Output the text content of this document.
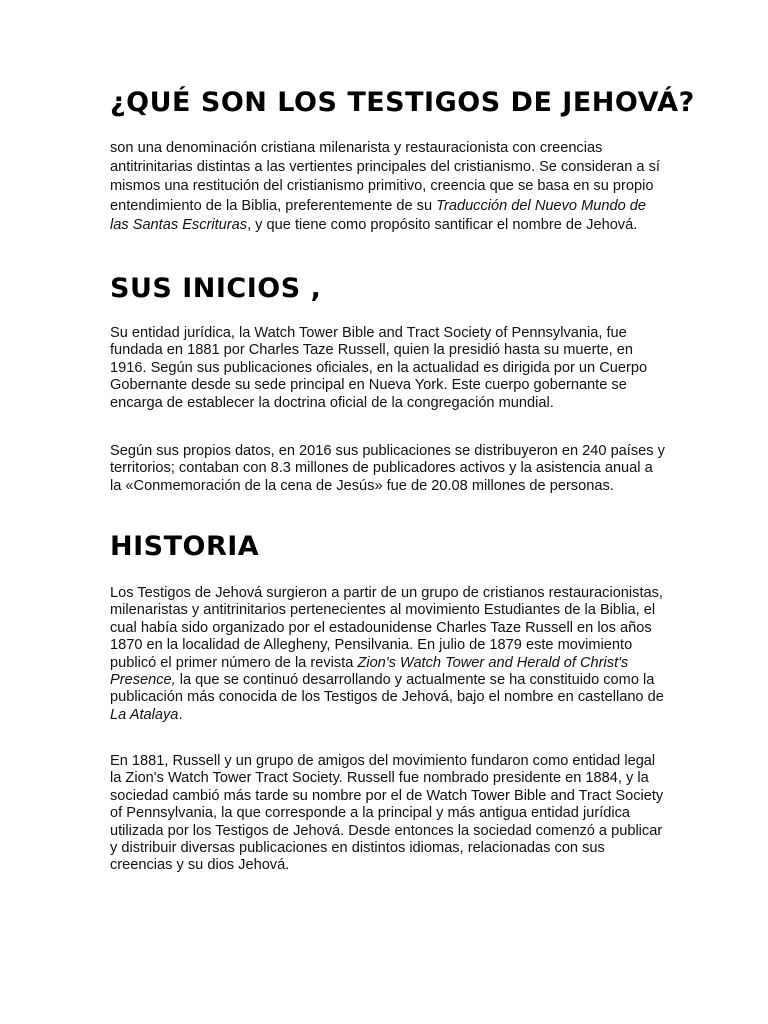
¿QUÉ SON LOS TESTIGOS DE JEHOVÁ?

son una denominación cristiana milenarista y restauracionista con creencias antitrinitarias distintas a las vertientes principales del cristianismo. Se consideran a sí mismos una restitución del cristianismo primitivo, creencia que se basa en su propio entendimiento de la Biblia, preferentemente de su Traducción del Nuevo Mundo de las Santas Escrituras, y que tiene como propósito santificar el nombre de Jehová.

SUS INICIOS ,

Su entidad jurídica, la Watch Tower Bible and Tract Society of Pennsylvania, fue fundada en 1881 por Charles Taze Russell, quien la presidió hasta su muerte, en 1916. Según sus publicaciones oficiales, en la actualidad es dirigida por un Cuerpo Gobernante desde su sede principal en Nueva York. Este cuerpo gobernante se encarga de establecer la doctrina oficial de la congregación mundial.

Según sus propios datos, en 2016 sus publicaciones se distribuyeron en 240 países y territorios; contaban con 8.3 millones de publicadores activos y la asistencia anual a la «Conmemoración de la cena de Jesús» fue de 20.08 millones de personas.

HISTORIA

Los Testigos de Jehová surgieron a partir de un grupo de cristianos restauracionistas, milenaristas y antitrinitarios pertenecientes al movimiento Estudiantes de la Biblia, el cual había sido organizado por el estadounidense Charles Taze Russell en los años 1870 en la localidad de Allegheny, Pensilvania. En julio de 1879 este movimiento publicó el primer número de la revista Zion's Watch Tower and Herald of Christ's Presence, la que se continuó desarrollando y actualmente se ha constituido como la publicación más conocida de los Testigos de Jehová, bajo el nombre en castellano de La Atalaya.

En 1881, Russell y un grupo de amigos del movimiento fundaron como entidad legal la Zion's Watch Tower Tract Society. Russell fue nombrado presidente en 1884, y la sociedad cambió más tarde su nombre por el de Watch Tower Bible and Tract Society of Pennsylvania, la que corresponde a la principal y más antigua entidad jurídica utilizada por los Testigos de Jehová. Desde entonces la sociedad comenzó a publicar y distribuir diversas publicaciones en distintos idiomas, relacionadas con sus creencias y su dios Jehová.
